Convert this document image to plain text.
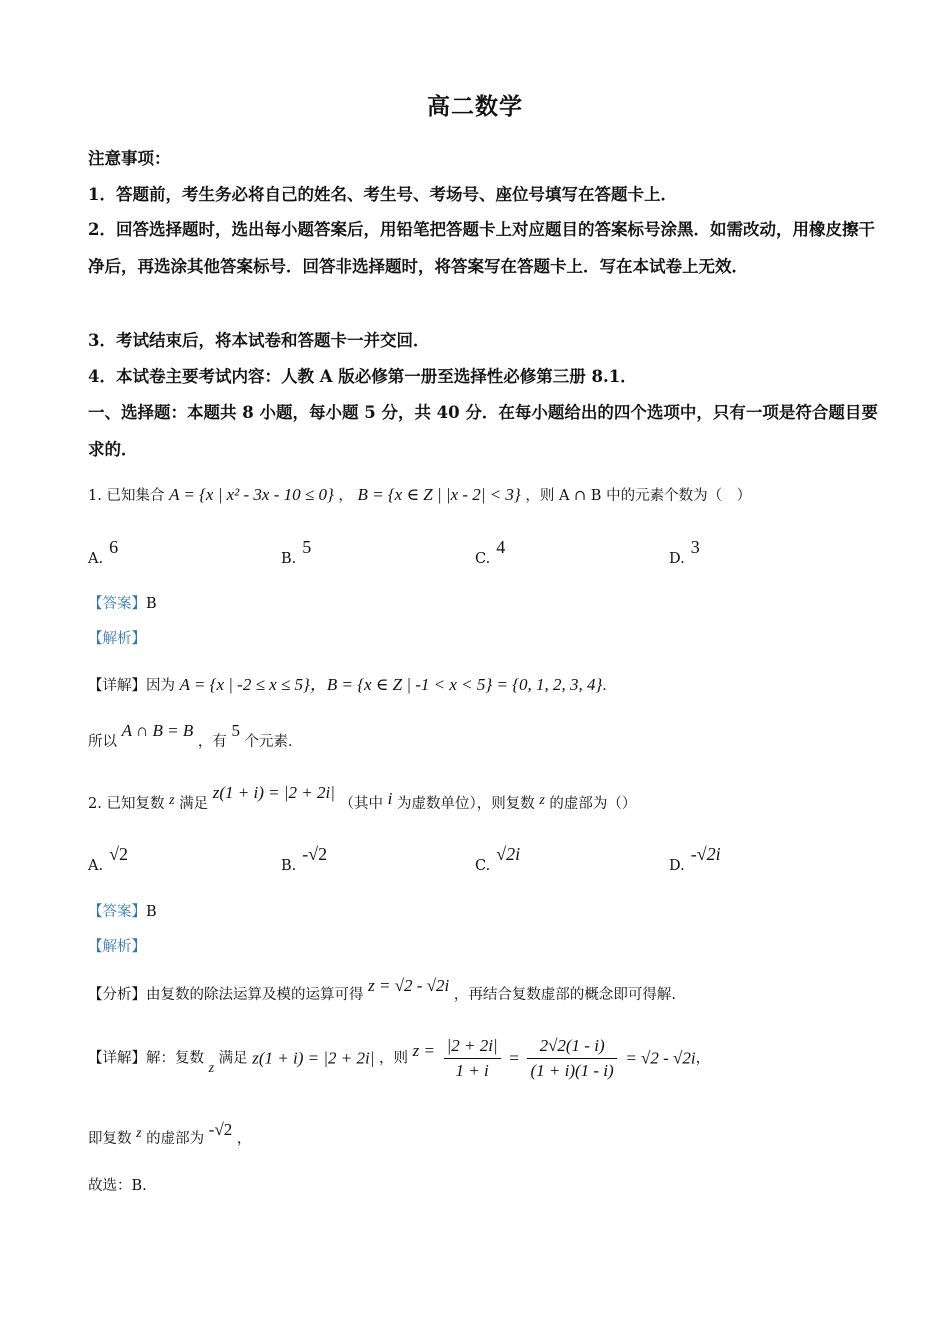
高二数学
注意事项：
1．答题前，考生务必将自己的姓名、考生号、考场号、座位号填写在答题卡上．
2．回答选择题时，选出每小题答案后，用铅笔把答题卡上对应题目的答案标号涂黑．如需改动，用橡皮擦干净后，再选涂其他答案标号．回答非选择题时，将答案写在答题卡上．写在本试卷上无效．
3．考试结束后，将本试卷和答题卡一并交回．
4．本试卷主要考试内容：人教 A 版必修第一册至选择性必修第三册 8.1．
一、选择题：本题共 8 小题，每小题 5 分，共 40 分．在每小题给出的四个选项中，只有一项是符合题目要求的．
1. 已知集合 A = {x | x² - 3x - 10 ≤ 0} ， B = {x ∈ Z | |x - 2| < 3} ，则 A ∩ B 中的元素个数为（　）
A.6
B.5
C.4
D.3
【答案】B
【解析】
【详解】因为 A = {x | -2 ≤ x ≤ 5}，B = {x ∈ Z | -1 < x < 5} = {0, 1, 2, 3, 4}．
所以 A ∩ B = B ，有 5 个元素．
2. 已知复数 z 满足 z(1 + i) = |2 + 2i| （其中 i 为虚数单位），则复数 z 的虚部为（）
A.√2
B.-√2
C.√2i
D.-√2i
【答案】B
【解析】
【分析】由复数的除法运算及模的运算可得 z = √2 - √2i ，再结合复数虚部的概念即可得解.
【详解】解：复数 z 满足 z(1 + i) = |2 + 2i| ，则 $z = \frac{|2 + 2i|}{1 + i} = \frac{2√2(1 - i)}{(1 + i)(1 - i)} = √2 - √2i$，
即复数 z 的虚部为 -√2 ，
故选：B.
